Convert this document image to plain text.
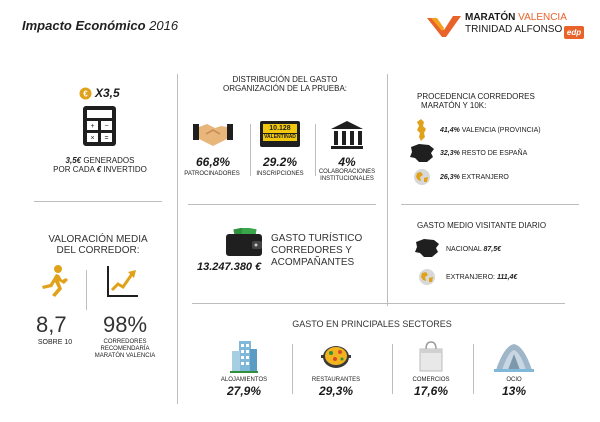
Impacto Económico 2016
MARATÓN VALENCIA
TRINIDAD ALFONSO edp
€ X3,5
+ −
× =
3,5€ GENERADOS
POR CADA € INVERTIDO
VALORACIÓN MEDIA
DEL CORREDOR:
8,7
SOBRE 10
98%
CORREDORES
RECOMENDARÍA
MARATÓN VALENCIA
DISTRIBUCIÓN DEL GASTO
ORGANIZACIÓN DE LA PRUEBA:
66,8%
PATROCINADORES
10.128
VALENTINAD
29.2%
INSCRIPCIONES
4%
COLABORACIONES
INSTITUCIONALES
GASTO TURÍSTICO
CORREDORES Y
ACOMPAÑANTES
13.247.380 €
PROCEDENCIA CORREDORES
MARATÓN Y 10K:
41,4% VALENCIA (PROVINCIA)
32,3% RESTO DE ESPAÑA
26,3% EXTRANJERO
GASTO MEDIO VISITANTE DIARIO
NACIONAL 87,5€
EXTRANJERO: 111,4€
GASTO EN PRINCIPALES SECTORES
ALOJAMIENTOS
27,9%
RESTAURANTES
29,3%
COMERCIOS
17,6%
OCIO
13%
